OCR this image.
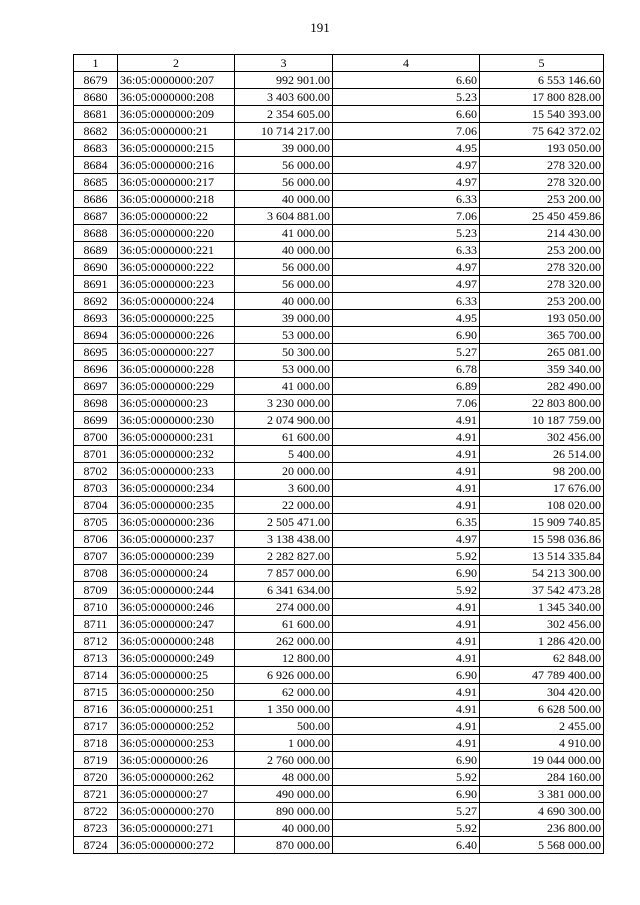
191
1	2	3	4	5
8679	36:05:0000000:207	992 901.00	6.60	6 553 146.60
8680	36:05:0000000:208	3 403 600.00	5.23	17 800 828.00
8681	36:05:0000000:209	2 354 605.00	6.60	15 540 393.00
8682	36:05:0000000:21	10 714 217.00	7.06	75 642 372.02
8683	36:05:0000000:215	39 000.00	4.95	193 050.00
8684	36:05:0000000:216	56 000.00	4.97	278 320.00
8685	36:05:0000000:217	56 000.00	4.97	278 320.00
8686	36:05:0000000:218	40 000.00	6.33	253 200.00
8687	36:05:0000000:22	3 604 881.00	7.06	25 450 459.86
8688	36:05:0000000:220	41 000.00	5.23	214 430.00
8689	36:05:0000000:221	40 000.00	6.33	253 200.00
8690	36:05:0000000:222	56 000.00	4.97	278 320.00
8691	36:05:0000000:223	56 000.00	4.97	278 320.00
8692	36:05:0000000:224	40 000.00	6.33	253 200.00
8693	36:05:0000000:225	39 000.00	4.95	193 050.00
8694	36:05:0000000:226	53 000.00	6.90	365 700.00
8695	36:05:0000000:227	50 300.00	5.27	265 081.00
8696	36:05:0000000:228	53 000.00	6.78	359 340.00
8697	36:05:0000000:229	41 000.00	6.89	282 490.00
8698	36:05:0000000:23	3 230 000.00	7.06	22 803 800.00
8699	36:05:0000000:230	2 074 900.00	4.91	10 187 759.00
8700	36:05:0000000:231	61 600.00	4.91	302 456.00
8701	36:05:0000000:232	5 400.00	4.91	26 514.00
8702	36:05:0000000:233	20 000.00	4.91	98 200.00
8703	36:05:0000000:234	3 600.00	4.91	17 676.00
8704	36:05:0000000:235	22 000.00	4.91	108 020.00
8705	36:05:0000000:236	2 505 471.00	6.35	15 909 740.85
8706	36:05:0000000:237	3 138 438.00	4.97	15 598 036.86
8707	36:05:0000000:239	2 282 827.00	5.92	13 514 335.84
8708	36:05:0000000:24	7 857 000.00	6.90	54 213 300.00
8709	36:05:0000000:244	6 341 634.00	5.92	37 542 473.28
8710	36:05:0000000:246	274 000.00	4.91	1 345 340.00
8711	36:05:0000000:247	61 600.00	4.91	302 456.00
8712	36:05:0000000:248	262 000.00	4.91	1 286 420.00
8713	36:05:0000000:249	12 800.00	4.91	62 848.00
8714	36:05:0000000:25	6 926 000.00	6.90	47 789 400.00
8715	36:05:0000000:250	62 000.00	4.91	304 420.00
8716	36:05:0000000:251	1 350 000.00	4.91	6 628 500.00
8717	36:05:0000000:252	500.00	4.91	2 455.00
8718	36:05:0000000:253	1 000.00	4.91	4 910.00
8719	36:05:0000000:26	2 760 000.00	6.90	19 044 000.00
8720	36:05:0000000:262	48 000.00	5.92	284 160.00
8721	36:05:0000000:27	490 000.00	6.90	3 381 000.00
8722	36:05:0000000:270	890 000.00	5.27	4 690 300.00
8723	36:05:0000000:271	40 000.00	5.92	236 800.00
8724	36:05:0000000:272	870 000.00	6.40	5 568 000.00
